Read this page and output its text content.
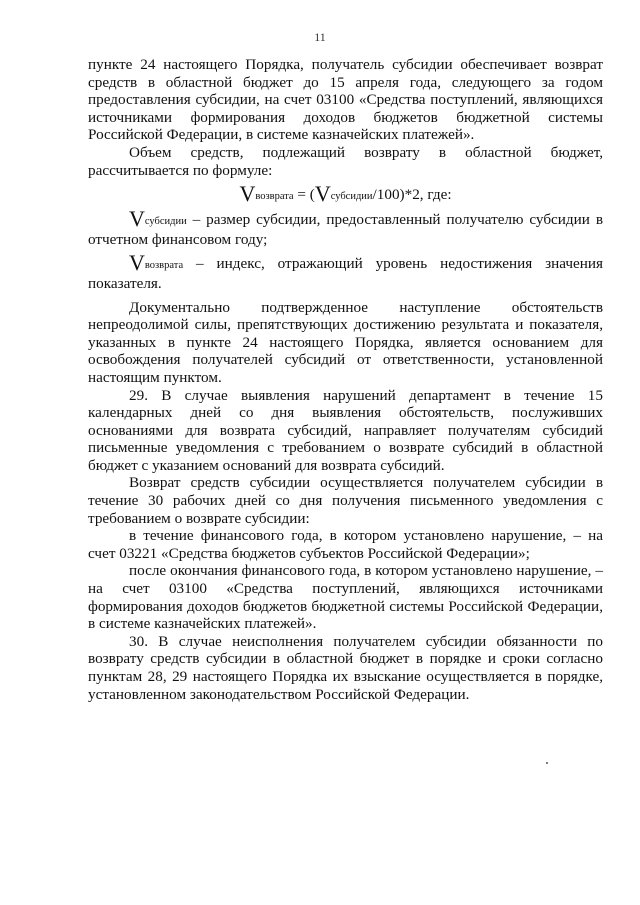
11

пункте 24 настоящего Порядка, получатель субсидии обеспечивает возврат средств в областной бюджет до 15 апреля года, следующего за годом предоставления субсидии, на счет 03100 «Средства поступлений, являющихся источниками формирования доходов бюджетов бюджетной системы Российской Федерации, в системе казначейских платежей».

Объем средств, подлежащий возврату в областной бюджет, рассчитывается по формуле:

Vвозврата = (Vсубсидии/100)*2, где:

Vсубсидии – размер субсидии, предоставленный получателю субсидии в отчетном финансовом году;

Vвозврата – индекс, отражающий уровень недостижения значения показателя.

Документально подтвержденное наступление обстоятельств непреодолимой силы, препятствующих достижению результата и показателя, указанных в пункте 24 настоящего Порядка, является основанием для освобождения получателей субсидий от ответственности, установленной настоящим пунктом.

29. В случае выявления нарушений департамент в течение 15 календарных дней со дня выявления обстоятельств, послуживших основаниями для возврата субсидий, направляет получателям субсидий письменные уведомления с требованием о возврате субсидий в областной бюджет с указанием оснований для возврата субсидий.

Возврат средств субсидии осуществляется получателем субсидии в течение 30 рабочих дней со дня получения письменного уведомления с требованием о возврате субсидии:

в течение финансового года, в котором установлено нарушение, – на счет 03221 «Средства бюджетов субъектов Российской Федерации»;

после окончания финансового года, в котором установлено нарушение, – на счет 03100 «Средства поступлений, являющихся источниками формирования доходов бюджетов бюджетной системы Российской Федерации, в системе казначейских платежей».

30. В случае неисполнения получателем субсидии обязанности по возврату средств субсидии в областной бюджет в порядке и сроки согласно пунктам 28, 29 настоящего Порядка их взыскание осуществляется в порядке, установленном законодательством Российской Федерации.
